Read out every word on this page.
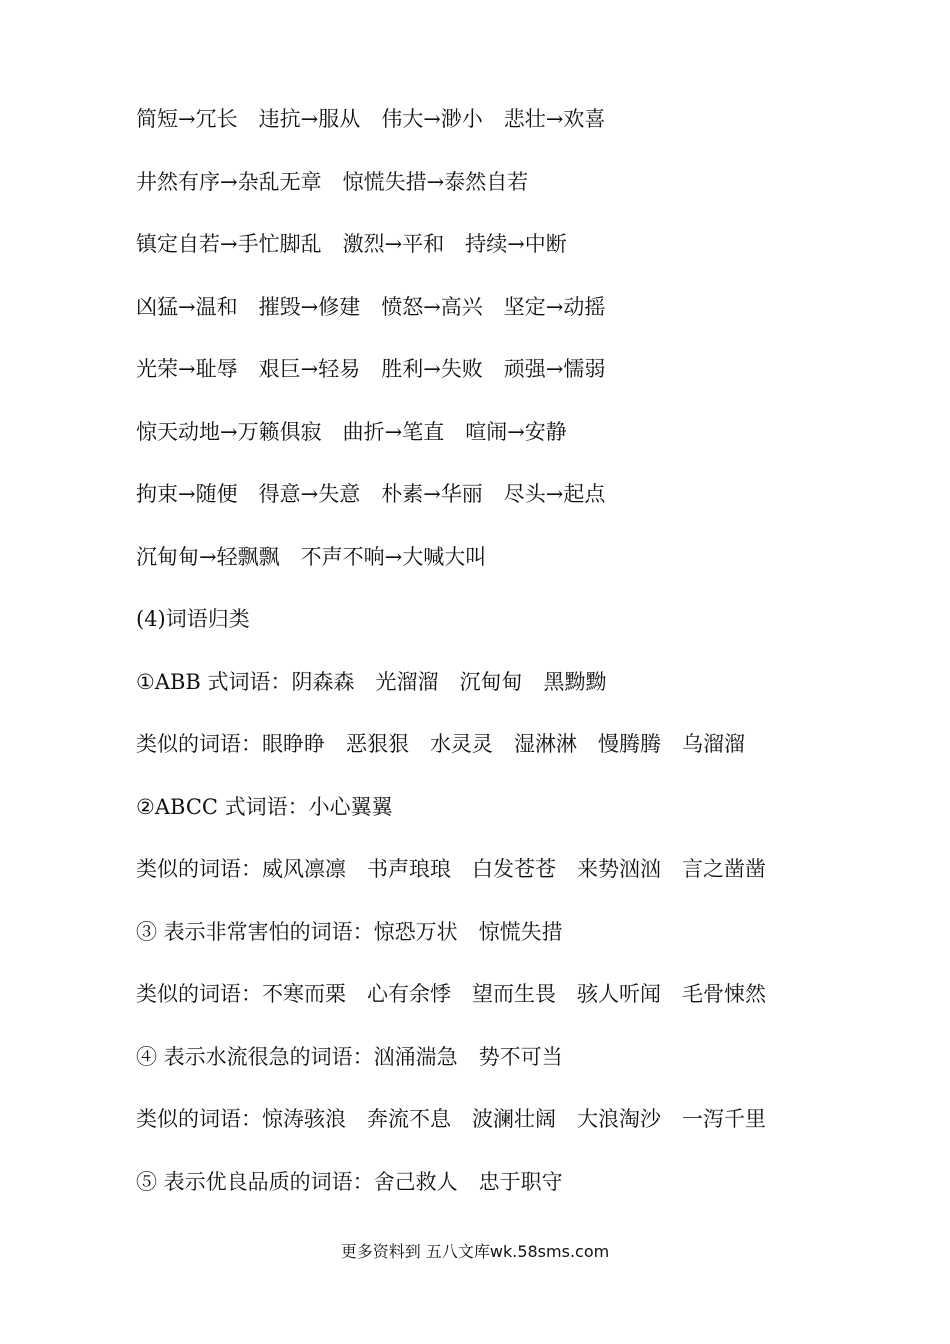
简短→冗长　违抗→服从　伟大→渺小　悲壮→欢喜
井然有序→杂乱无章　惊慌失措→泰然自若
镇定自若→手忙脚乱　激烈→平和　持续→中断
凶猛→温和　摧毁→修建　愤怒→高兴　坚定→动摇
光荣→耻辱　艰巨→轻易　胜利→失败　顽强→懦弱
惊天动地→万籁俱寂　曲折→笔直　喧闹→安静
拘束→随便　得意→失意　朴素→华丽　尽头→起点
沉甸甸→轻飘飘　不声不响→大喊大叫
(4)词语归类
①ABB 式词语：阴森森　光溜溜　沉甸甸　黑黝黝
类似的词语：眼睁睁　恶狠狠　水灵灵　湿淋淋　慢腾腾　乌溜溜
②ABCC 式词语：小心翼翼
类似的词语：威风凛凛　书声琅琅　白发苍苍　来势汹汹　言之凿凿
③ 表示非常害怕的词语：惊恐万状　惊慌失措
类似的词语：不寒而栗　心有余悸　望而生畏　骇人听闻　毛骨悚然
④ 表示水流很急的词语：汹涌湍急　势不可当
类似的词语：惊涛骇浪　奔流不息　波澜壮阔　大浪淘沙　一泻千里
⑤ 表示优良品质的词语：舍己救人　忠于职守
更多资料到 五八文库wk.58sms.com
